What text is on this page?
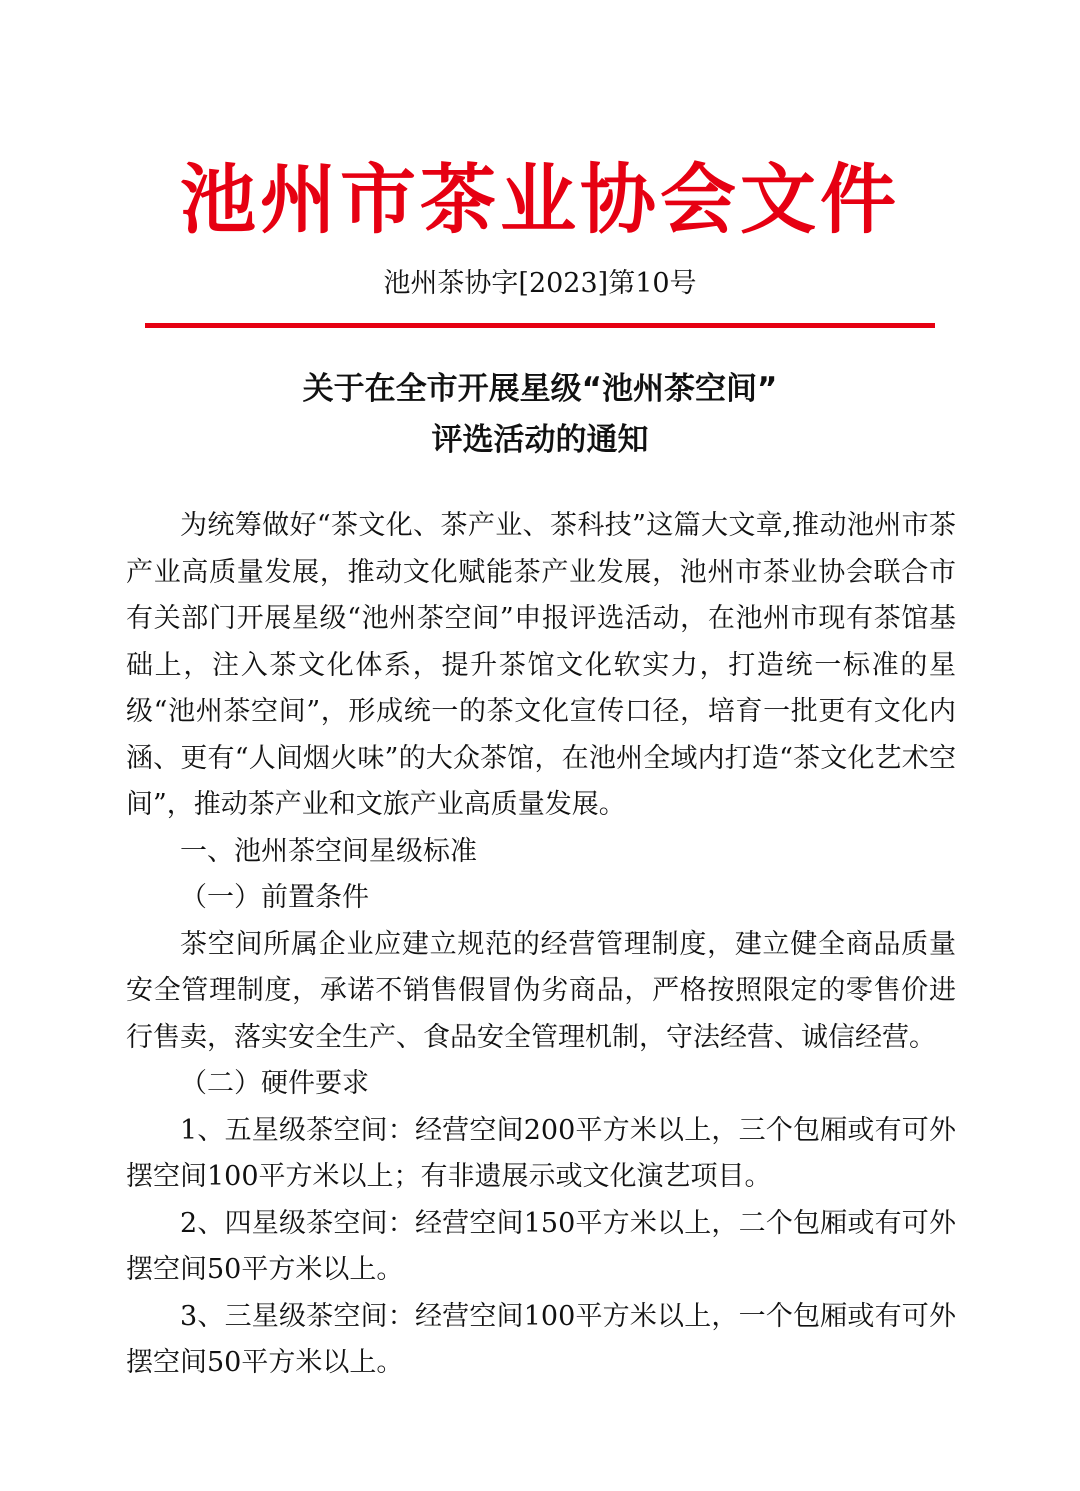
池州市茶业协会文件
池州茶协字[2023]第10号
关于在全市开展星级“池州茶空间”
评选活动的通知

为统筹做好“茶文化、茶产业、茶科技”这篇大文章,推动池州市茶产业高质量发展，推动文化赋能茶产业发展，池州市茶业协会联合市有关部门开展星级“池州茶空间”申报评选活动，在池州市现有茶馆基础上，注入茶文化体系，提升茶馆文化软实力，打造统一标准的星级“池州茶空间”，形成统一的茶文化宣传口径，培育一批更有文化内涵、更有“人间烟火味”的大众茶馆，在池州全域内打造“茶文化艺术空间”，推动茶产业和文旅产业高质量发展。

一、池州茶空间星级标准

（一）前置条件

茶空间所属企业应建立规范的经营管理制度，建立健全商品质量安全管理制度，承诺不销售假冒伪劣商品，严格按照限定的零售价进行售卖，落实安全生产、食品安全管理机制，守法经营、诚信经营。

（二）硬件要求

1、五星级茶空间：经营空间200平方米以上，三个包厢或有可外摆空间100平方米以上；有非遗展示或文化演艺项目。

2、四星级茶空间：经营空间150平方米以上，二个包厢或有可外摆空间50平方米以上。

3、三星级茶空间：经营空间100平方米以上，一个包厢或有可外摆空间50平方米以上。
